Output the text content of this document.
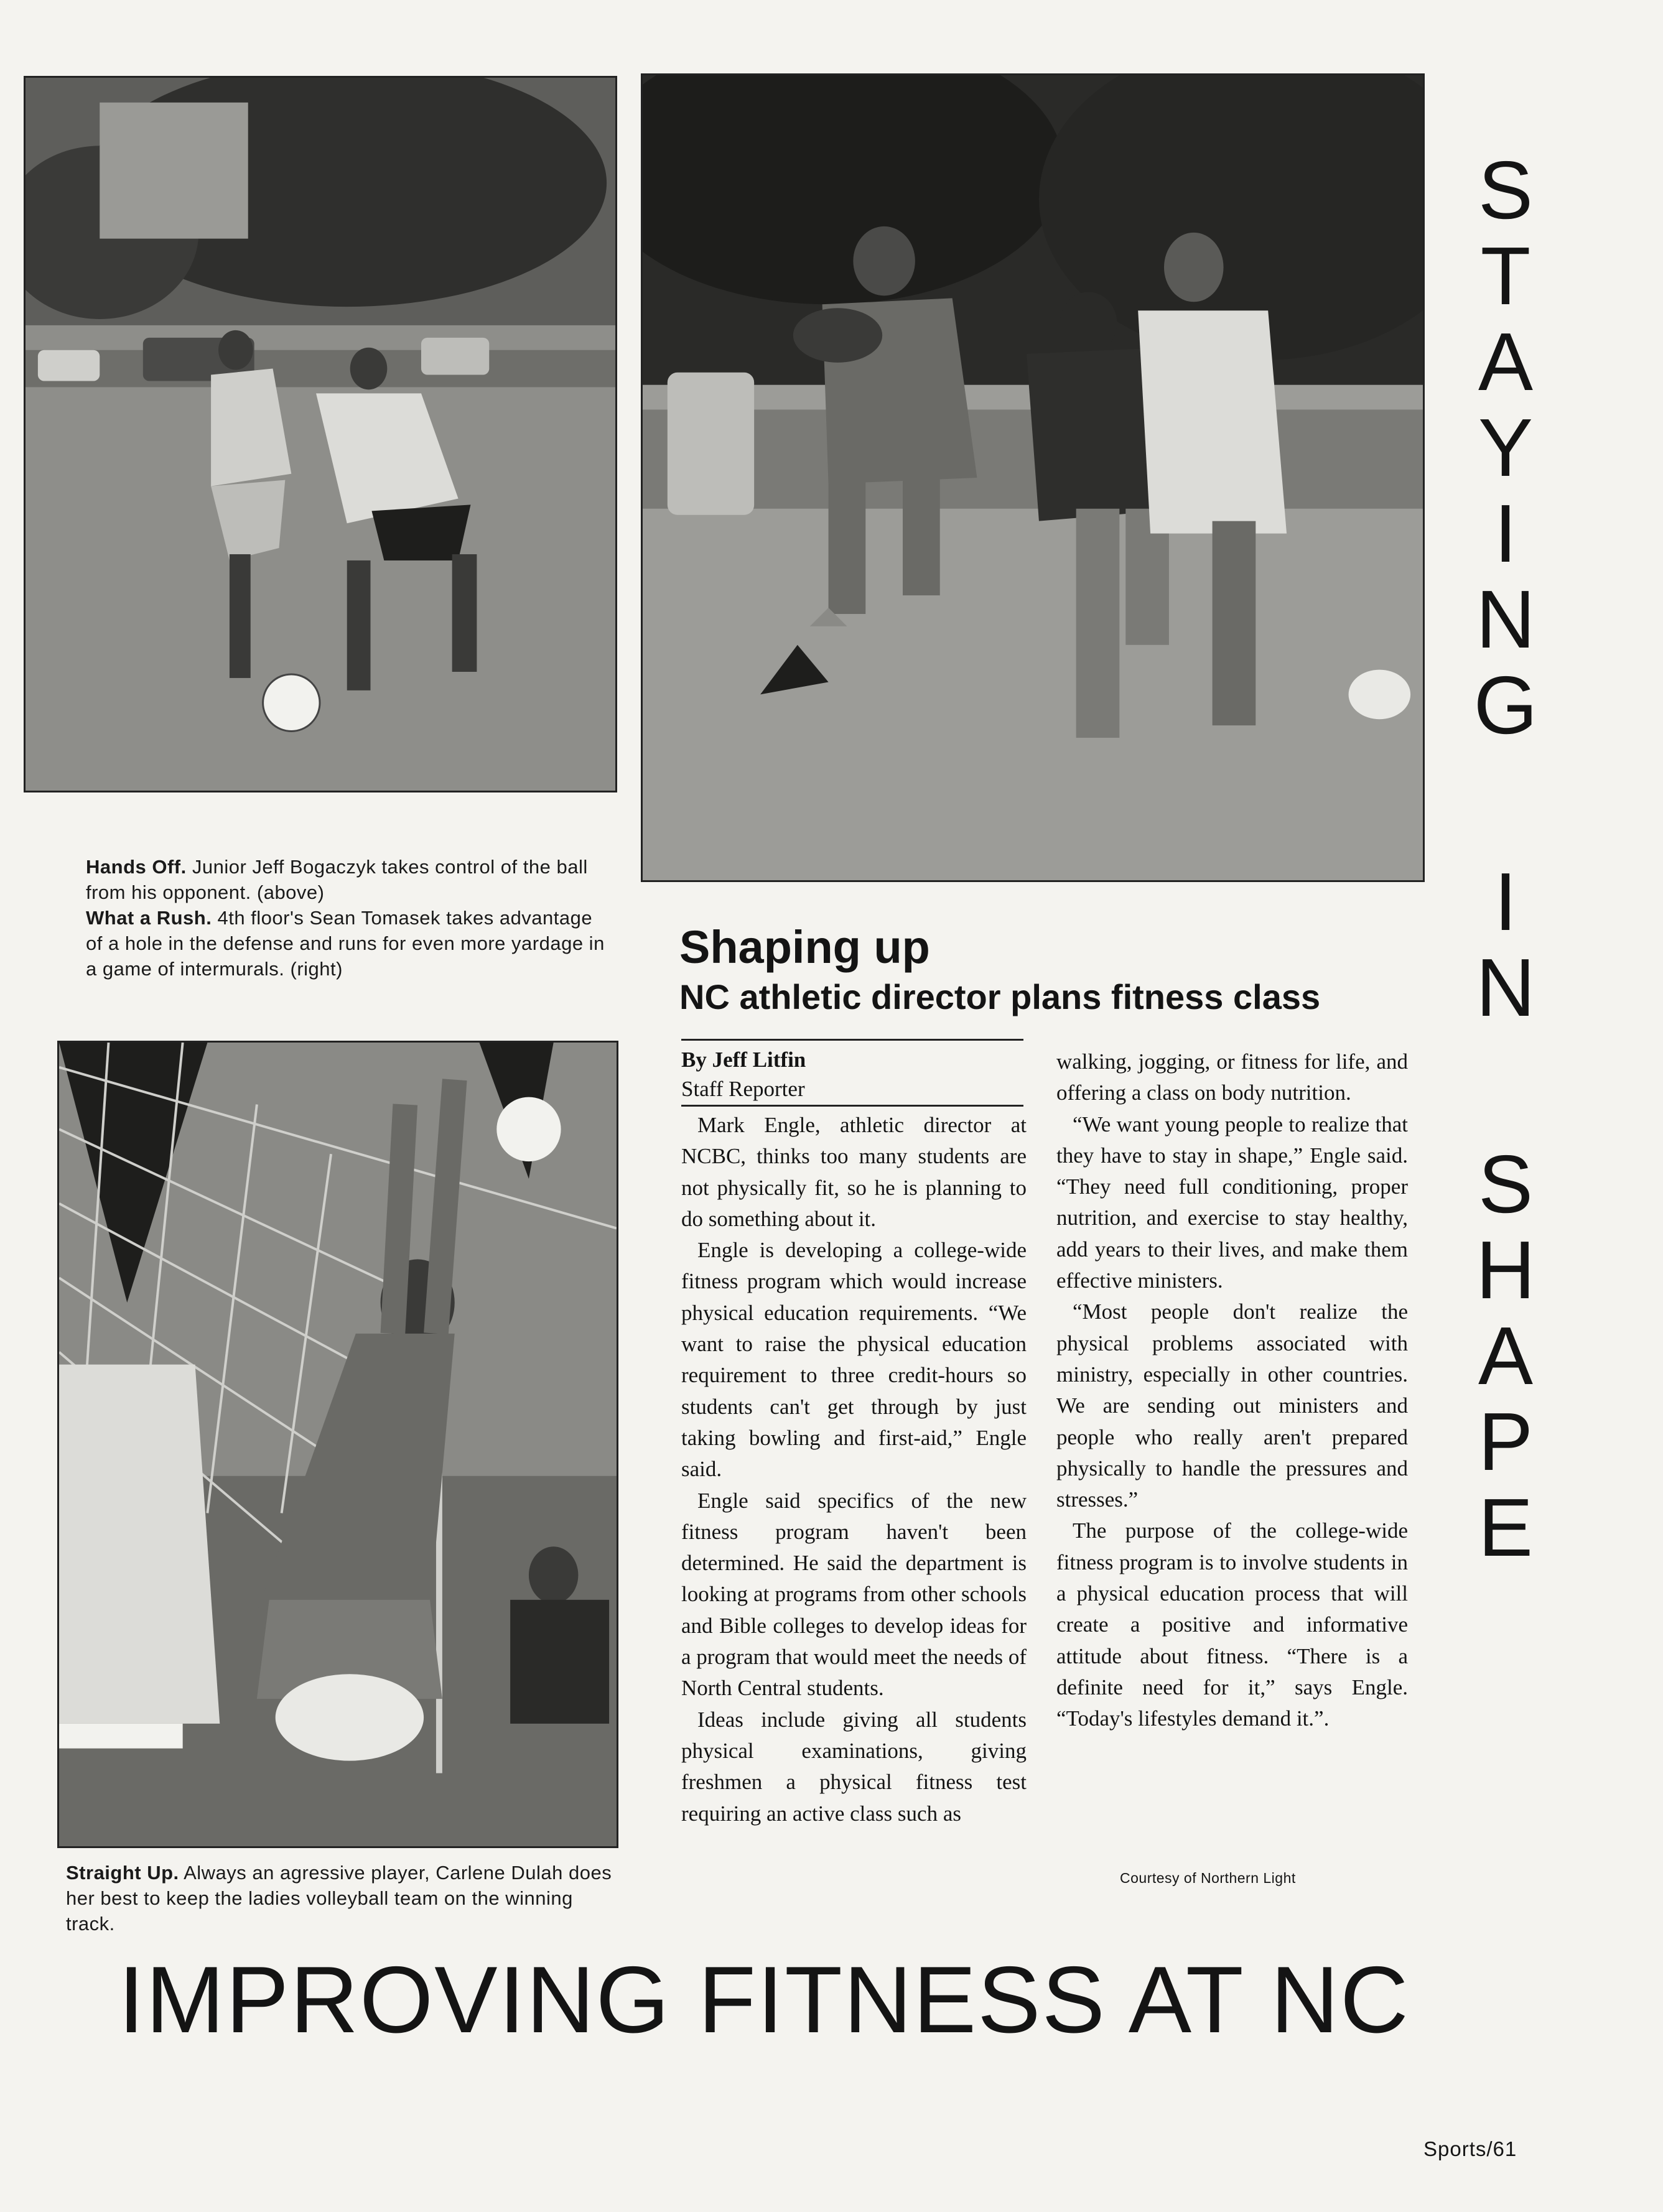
Hands Off. Junior Jeff Bogaczyk takes control of the ball from his opponent. (above)
What a Rush. 4th floor's Sean Tomasek takes advantage of a hole in the defense and runs for even more yardage in a game of intermurals. (right)
Straight Up. Always an agressive player, Carlene Dulah does her best to keep the ladies volleyball team on the winning track.
Shaping up
NC athletic director plans fitness class
By Jeff Litfin
Staff Reporter

Mark Engle, athletic director at NCBC, thinks too many students are not physically fit, so he is planning to do something about it.

Engle is developing a college-wide fitness program which would increase physical education requirements. “We want to raise the physical education requirement to three credit-hours so students can't get through by just taking bowling and first-aid,” Engle said.

Engle said specifics of the new fitness program haven't been determined. He said the department is looking at programs from other schools and Bible colleges to develop ideas for a program that would meet the needs of North Central students.

Ideas include giving all students physical examinations, giving freshmen a physical fitness test requiring an active class such as

walking, jogging, or fitness for life, and offering a class on body nutrition.

“We want young people to realize that they have to stay in shape,” Engle said. “They need full conditioning, proper nutrition, and exercise to stay healthy, add years to their lives, and make them effective ministers.

“Most people don't realize the physical problems associated with ministry, especially in other countries. We are sending out ministers and people who really aren't prepared physically to handle the pressures and stresses.”

The purpose of the college-wide fitness program is to involve students in a physical education process that will create a positive and informative attitude about fitness. “There is a definite need for it,” says Engle. “Today's lifestyles demand it.”.

Courtesy of Northern Light
S
T
A
Y
I
N
G
I
N
S
H
A
P
E
IMPROVING FITNESS AT NC
Sports/61
